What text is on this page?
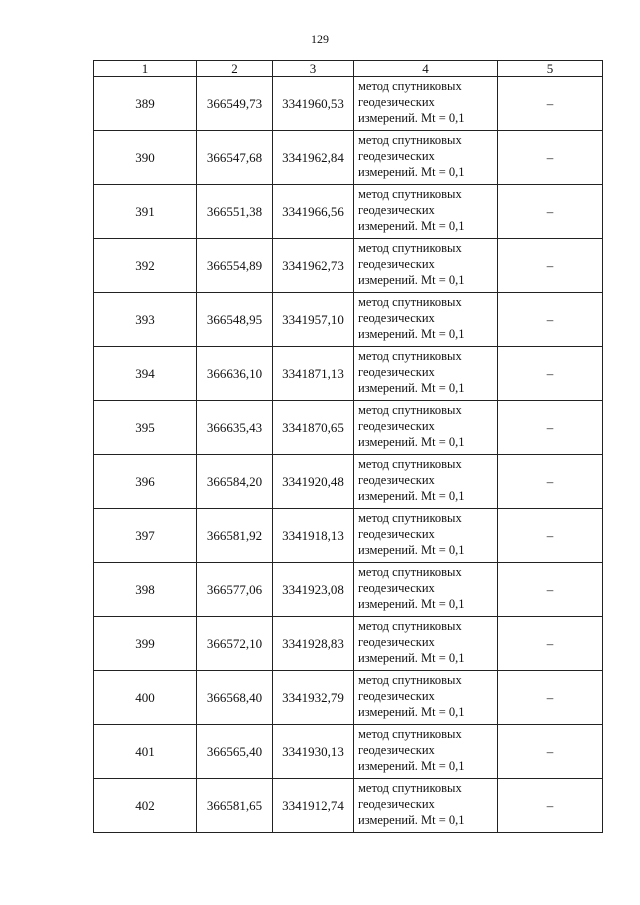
129
1	2	3	4	5
389	366549,73	3341960,53	метод спутниковых
геодезических
измерений. Mt = 0,1	–
390	366547,68	3341962,84	метод спутниковых
геодезических
измерений. Mt = 0,1	–
391	366551,38	3341966,56	метод спутниковых
геодезических
измерений. Mt = 0,1	–
392	366554,89	3341962,73	метод спутниковых
геодезических
измерений. Mt = 0,1	–
393	366548,95	3341957,10	метод спутниковых
геодезических
измерений. Mt = 0,1	–
394	366636,10	3341871,13	метод спутниковых
геодезических
измерений. Mt = 0,1	–
395	366635,43	3341870,65	метод спутниковых
геодезических
измерений. Mt = 0,1	–
396	366584,20	3341920,48	метод спутниковых
геодезических
измерений. Mt = 0,1	–
397	366581,92	3341918,13	метод спутниковых
геодезических
измерений. Mt = 0,1	–
398	366577,06	3341923,08	метод спутниковых
геодезических
измерений. Mt = 0,1	–
399	366572,10	3341928,83	метод спутниковых
геодезических
измерений. Mt = 0,1	–
400	366568,40	3341932,79	метод спутниковых
геодезических
измерений. Mt = 0,1	–
401	366565,40	3341930,13	метод спутниковых
геодезических
измерений. Mt = 0,1	–
402	366581,65	3341912,74	метод спутниковых
геодезических
измерений. Mt = 0,1	–
